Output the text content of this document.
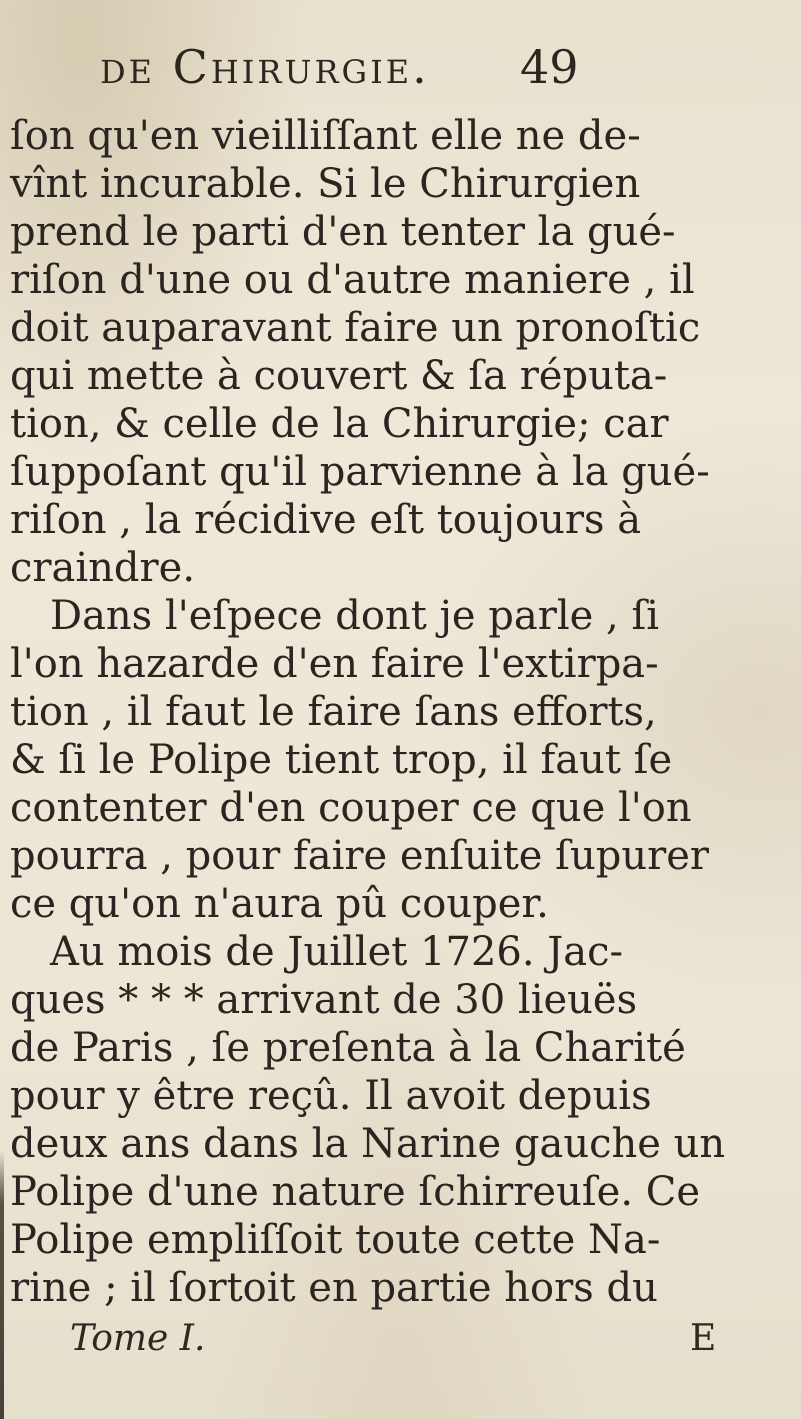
de Chirurgie. 49
ſon qu'en vieilliſſant elle ne de-
vînt incurable. Si le Chirurgien
prend le parti d'en tenter la gué-
riſon d'une ou d'autre maniere , il
doit auparavant faire un pronoſtic
qui mette à couvert & ſa réputa-
tion, & celle de la Chirurgie; car
ſuppoſant qu'il parvienne à la gué-
riſon , la récidive eſt toujours à
craindre.
Dans l'eſpece dont je parle , ſi
l'on hazarde d'en faire l'extirpa-
tion , il faut le faire ſans efforts,
& ſi le Polipe tient trop, il faut ſe
contenter d'en couper ce que l'on
pourra , pour faire enſuite ſupurer
ce qu'on n'aura pû couper.
Au mois de Juillet 1726. Jac-
ques * * * arrivant de 30 lieuës
de Paris , ſe preſenta à la Charité
pour y être reçû. Il avoit depuis
deux ans dans la Narine gauche un
Polipe d'une nature ſchirreuſe. Ce
Polipe empliſſoit toute cette Na-
rine ; il ſortoit en partie hors du
Tome I.	E
